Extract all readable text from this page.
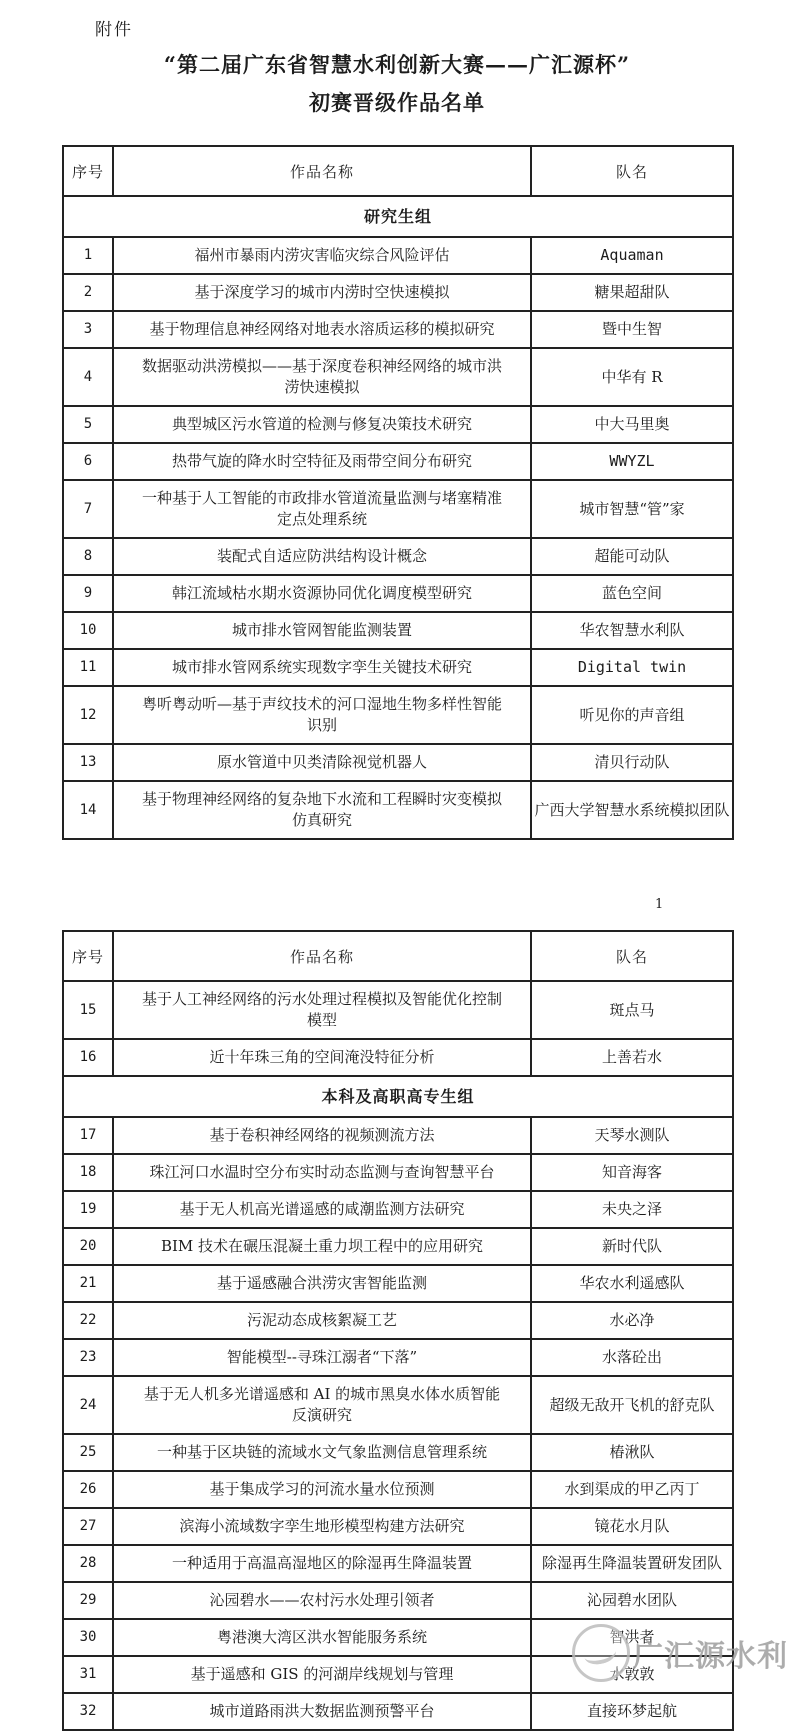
附件
“第二届广东省智慧水利创新大赛——广汇源杯”
初赛晋级作品名单
序号	作品名称	队名
研究生组		
1	福州市暴雨内涝灾害临灾综合风险评估	Aquaman
2	基于深度学习的城市内涝时空快速模拟	糖果超甜队
3	基于物理信息神经网络对地表水溶质运移的模拟研究	暨中生智
4	数据驱动洪涝模拟——基于深度卷积神经网络的城市洪涝快速模拟	中华有 R
5	典型城区污水管道的检测与修复决策技术研究	中大马里奥
6	热带气旋的降水时空特征及雨带空间分布研究	WWYZL
7	一种基于人工智能的市政排水管道流量监测与堵塞精准定点处理系统	城市智慧“管”家
8	装配式自适应防洪结构设计概念	超能可动队
9	韩江流域枯水期水资源协同优化调度模型研究	蓝色空间
10	城市排水管网智能监测装置	华农智慧水利队
11	城市排水管网系统实现数字孪生关键技术研究	Digital twin
12	粤听粤动听—基于声纹技术的河口湿地生物多样性智能识别	听见你的声音组
13	原水管道中贝类清除视觉机器人	清贝行动队
14	基于物理神经网络的复杂地下水流和工程瞬时灾变模拟仿真研究	广西大学智慧水系统模拟团队
1
序号	作品名称	队名
15	基于人工神经网络的污水处理过程模拟及智能优化控制模型	斑点马
16	近十年珠三角的空间淹没特征分析	上善若水
本科及高职高专生组		
17	基于卷积神经网络的视频测流方法	天琴水测队
18	珠江河口水温时空分布实时动态监测与查询智慧平台	知音海客
19	基于无人机高光谱遥感的咸潮监测方法研究	未央之泽
20	BIM 技术在碾压混凝土重力坝工程中的应用研究	新时代队
21	基于遥感融合洪涝灾害智能监测	华农水利遥感队
22	污泥动态成核絮凝工艺	水必净
23	智能模型--寻珠江溺者“下落”	水落砼出
24	基于无人机多光谱遥感和 AI 的城市黑臭水体水质智能反演研究	超级无敌开飞机的舒克队
25	一种基于区块链的流域水文气象监测信息管理系统	椿湫队
26	基于集成学习的河流水量水位预测	水到渠成的甲乙丙丁
27	滨海小流域数字孪生地形模型构建方法研究	镜花水月队
28	一种适用于高温高湿地区的除湿再生降温装置	除湿再生降温装置研发团队
29	沁园碧水——农村污水处理引领者	沁园碧水团队
30	粤港澳大湾区洪水智能服务系统	智洪者
31	基于遥感和 GIS 的河湖岸线规划与管理	水敦敦
32	城市道路雨洪大数据监测预警平台	直接环梦起航
广汇源水利
